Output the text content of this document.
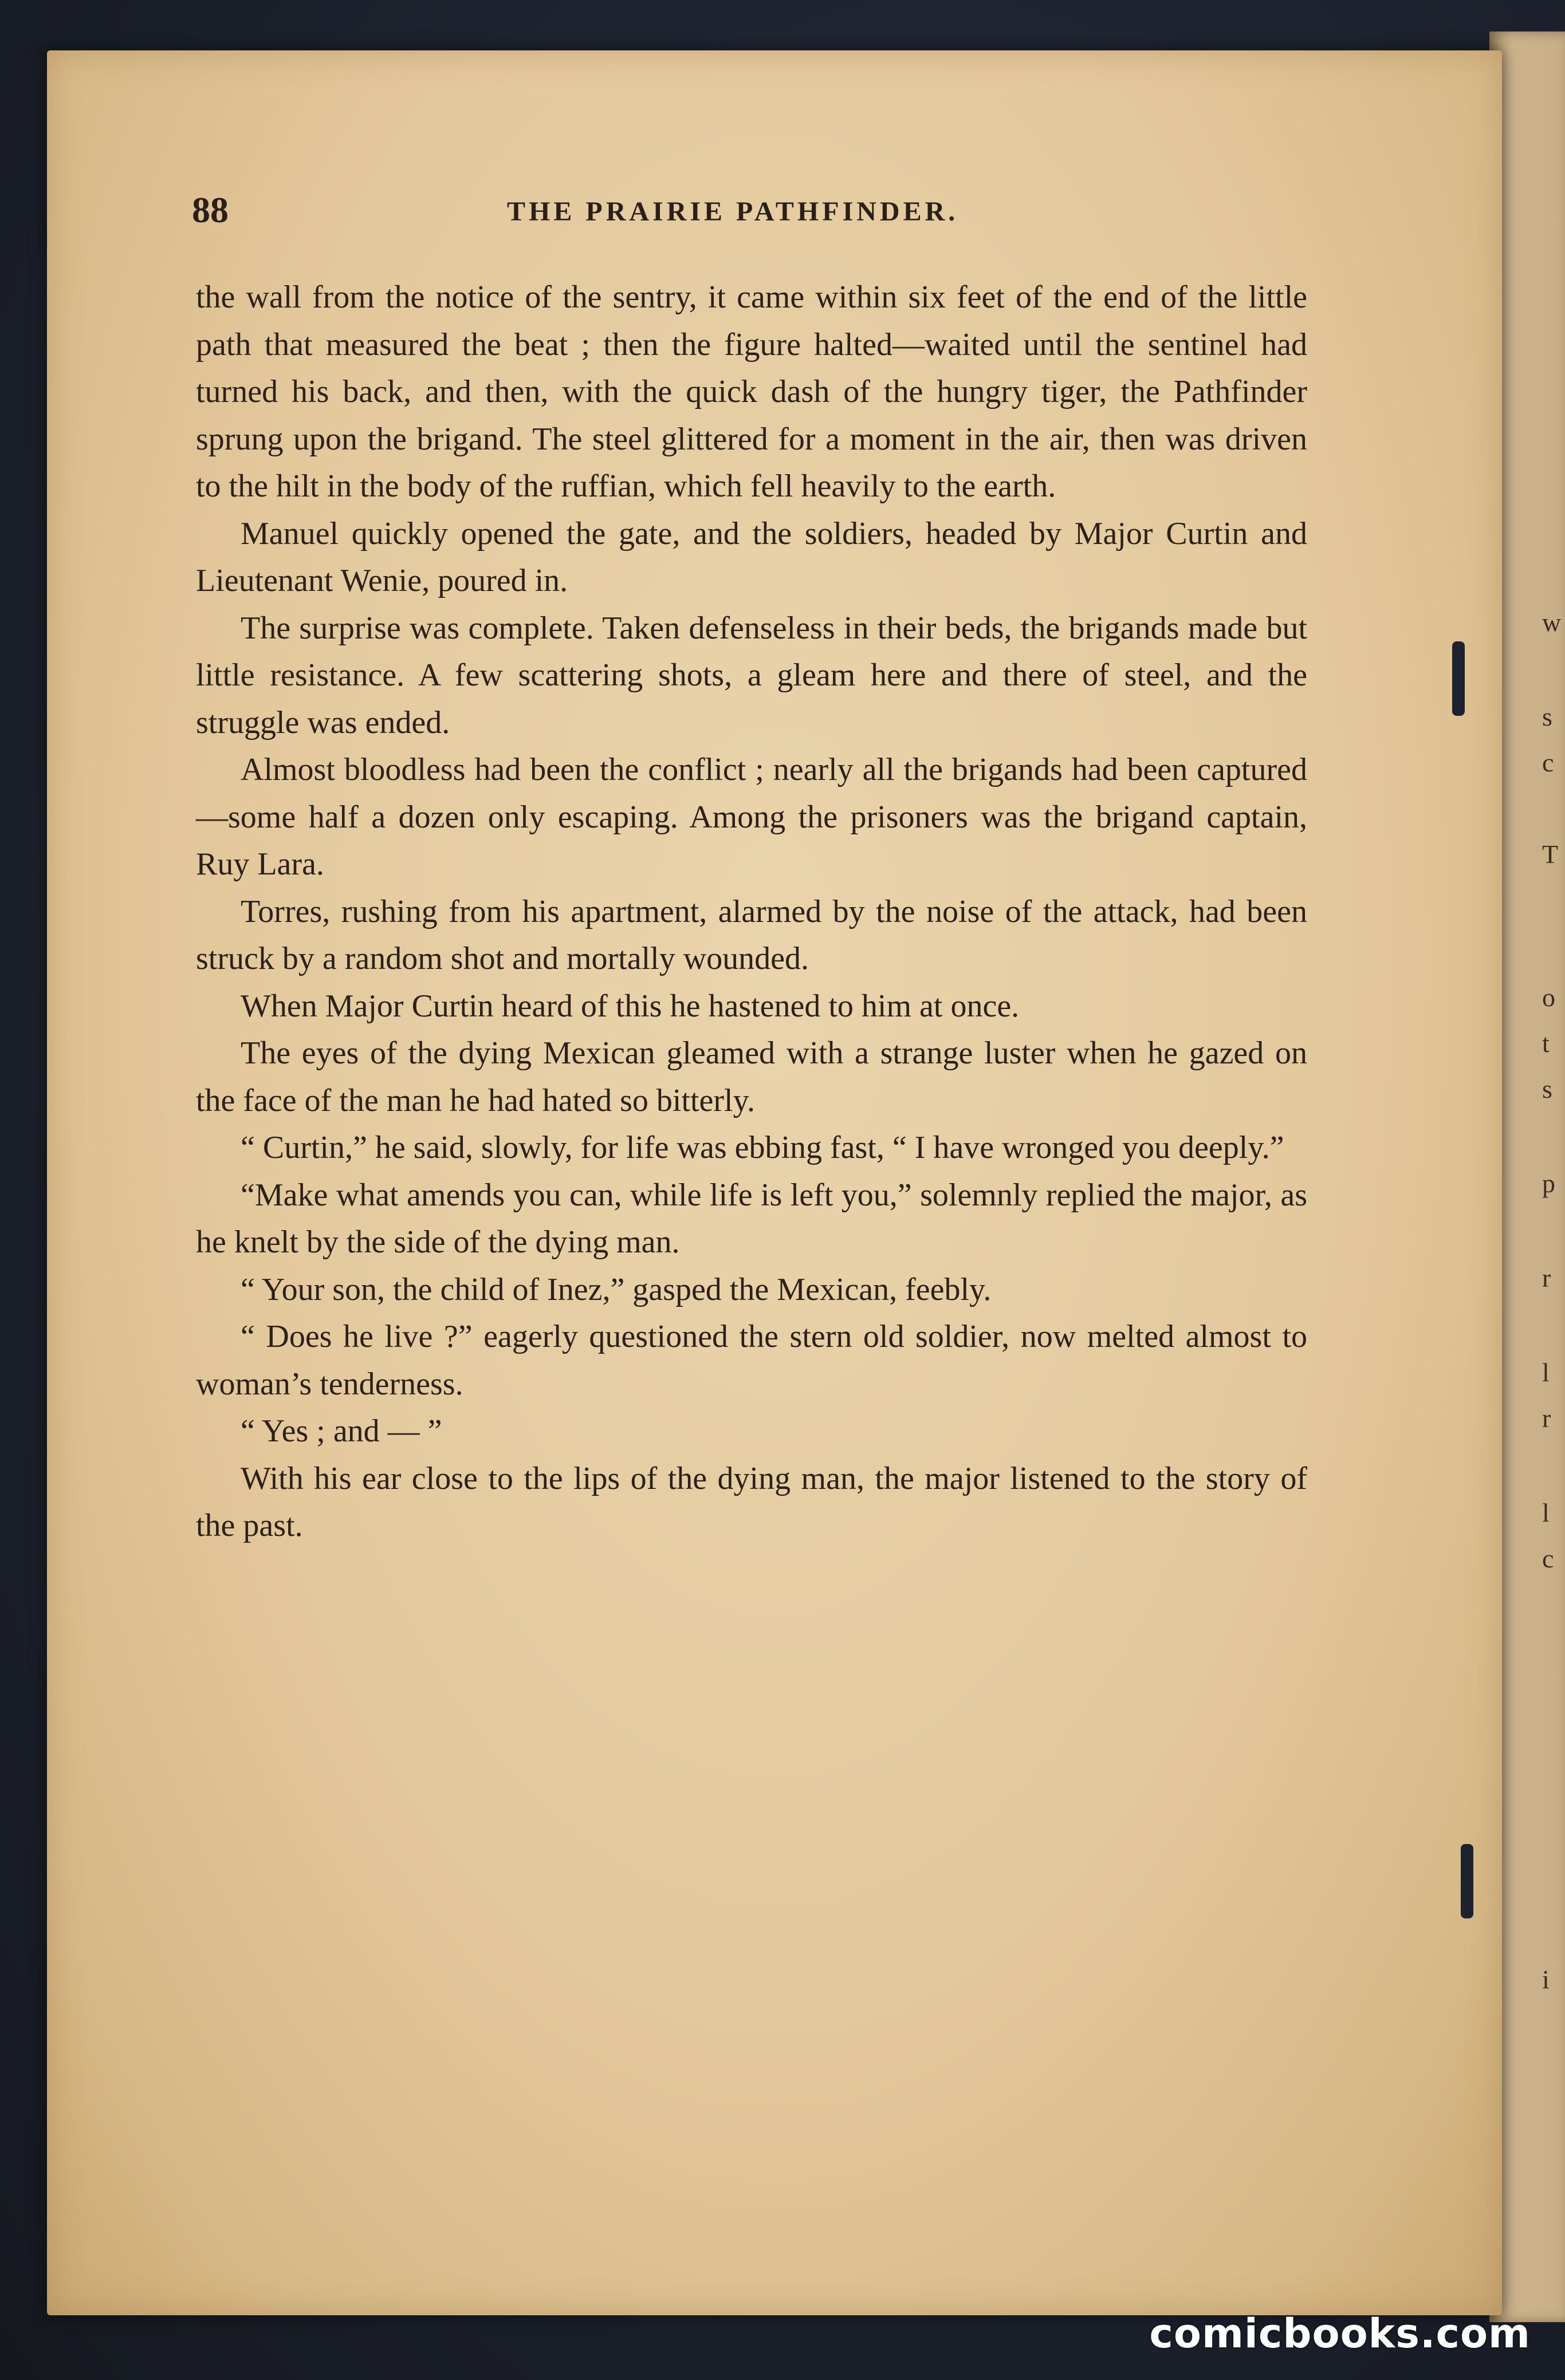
w
s
c
T
o
t
s
p
r
l
r
l
c
i
88	THE PRAIRIE PATHFINDER.

the wall from the notice of the sentry, it came within six feet of the end of the little path that measured the beat ; then the figure halted—waited until the sentinel had turned his back, and then, with the quick dash of the hungry tiger, the Pathfinder sprung upon the brigand. The steel glittered for a moment in the air, then was driven to the hilt in the body of the ruffian, which fell heavily to the earth.

Manuel quickly opened the gate, and the soldiers, headed by Major Curtin and Lieutenant Wenie, poured in.

The surprise was complete. Taken defenseless in their beds, the brigands made but little resistance. A few scattering shots, a gleam here and there of steel, and the struggle was ended.

Almost bloodless had been the conflict ; nearly all the brigands had been captured—some half a dozen only escaping. Among the prisoners was the brigand captain, Ruy Lara.

Torres, rushing from his apartment, alarmed by the noise of the attack, had been struck by a random shot and mortally wounded.

When Major Curtin heard of this he hastened to him at once.

The eyes of the dying Mexican gleamed with a strange luster when he gazed on the face of the man he had hated so bitterly.

“ Curtin,” he said, slowly, for life was ebbing fast, “ I have wronged you deeply.”

“Make what amends you can, while life is left you,” solemnly replied the major, as he knelt by the side of the dying man.

“ Your son, the child of Inez,” gasped the Mexican, feebly.

“ Does he live ?” eagerly questioned the stern old soldier, now melted almost to woman’s tenderness.

“ Yes ; and — ”

With his ear close to the lips of the dying man, the major listened to the story of the past.

comicbooks.com
